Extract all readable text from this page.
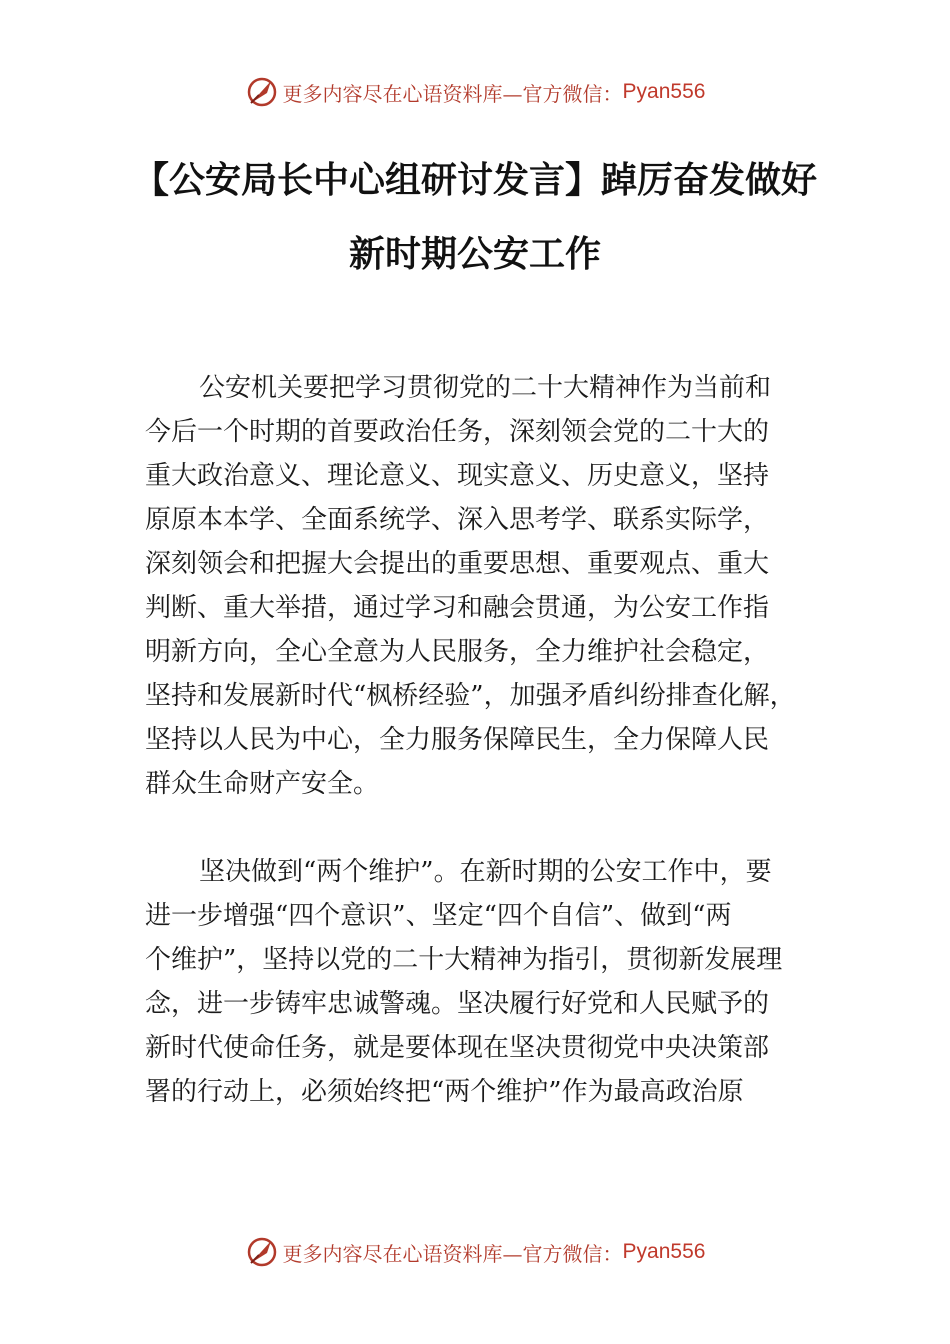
更多内容尽在心语资料库—官方微信： Pyan556
【公安局长中心组研讨发言】踔厉奋发做好
新时期公安工作

公安机关要把学习贯彻党的二十大精神作为当前和
今后一个时期的首要政治任务，深刻领会党的二十大的
重大政治意义、理论意义、现实意义、历史意义，坚持
原原本本学、全面系统学、深入思考学、联系实际学，
深刻领会和把握大会提出的重要思想、重要观点、重大
判断、重大举措，通过学习和融会贯通，为公安工作指
明新方向，全心全意为人民服务，全力维护社会稳定，
坚持和发展新时代“枫桥经验”，加强矛盾纠纷排查化解，
坚持以人民为中心，全力服务保障民生，全力保障人民
群众生命财产安全。

坚决做到“两个维护”。在新时期的公安工作中，要
进一步增强“四个意识”、坚定“四个自信”、做到“两
个维护”，坚持以党的二十大精神为指引，贯彻新发展理
念，进一步铸牢忠诚警魂。坚决履行好党和人民赋予的
新时代使命任务，就是要体现在坚决贯彻党中央决策部
署的行动上，必须始终把“两个维护”作为最高政治原

更多内容尽在心语资料库—官方微信： Pyan556
